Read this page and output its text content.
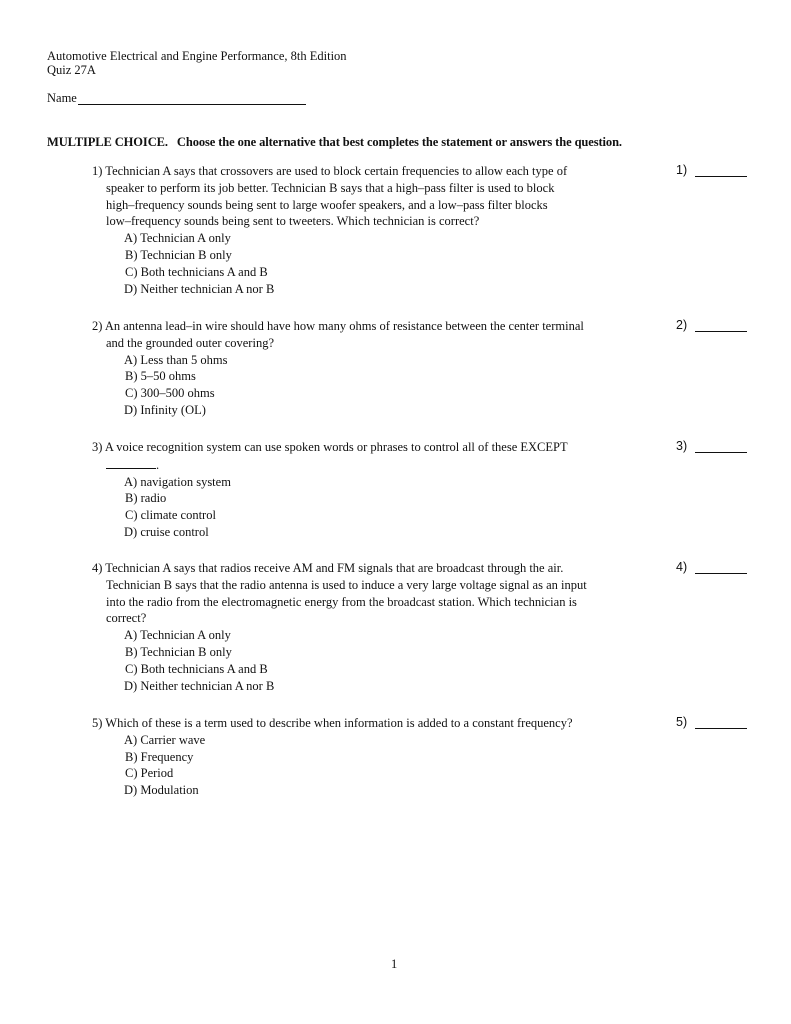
Automotive Electrical and Engine Performance, 8th Edition
Quiz 27A
Name
MULTIPLE CHOICE. Choose the one alternative that best completes the statement or answers the question.
1) Technician A says that crossovers are used to block certain frequencies to allow each type of
speaker to perform its job better. Technician B says that a high–pass filter is used to block
high–frequency sounds being sent to large woofer speakers, and a low–pass filter blocks
low–frequency sounds being sent to tweeters. Which technician is correct?
A) Technician A only
B) Technician B only
C) Both technicians A and B
D) Neither technician A nor B
1)
2) An antenna lead–in wire should have how many ohms of resistance between the center terminal
and the grounded outer covering?
A) Less than 5 ohms
B) 5–50 ohms
C) 300–500 ohms
D) Infinity (OL)
2)
3) A voice recognition system can use spoken words or phrases to control all of these EXCEPT
.
A) navigation system
B) radio
C) climate control
D) cruise control
3)
4) Technician A says that radios receive AM and FM signals that are broadcast through the air.
Technician B says that the radio antenna is used to induce a very large voltage signal as an input
into the radio from the electromagnetic energy from the broadcast station. Which technician is
correct?
A) Technician A only
B) Technician B only
C) Both technicians A and B
D) Neither technician A nor B
4)
5) Which of these is a term used to describe when information is added to a constant frequency?
A) Carrier wave
B) Frequency
C) Period
D) Modulation
5)
1
